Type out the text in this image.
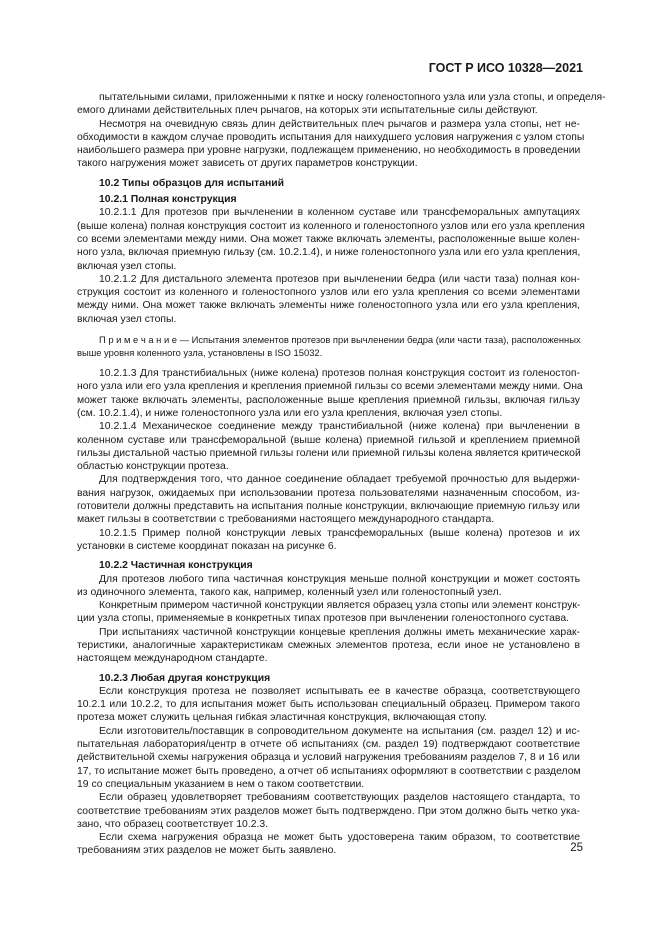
ГОСТ Р ИСО 10328—2021
пытательными силами, приложенными к пятке и носку голеностопного узла или узла стопы, и определя-
емого длинами действительных плеч рычагов, на которых эти испытательные силы действуют.
Несмотря на очевидную связь длин действительных плеч рычагов и размера узла стопы, нет не-
обходимости в каждом случае проводить испытания для наихудшего условия нагружения с узлом стопы
наибольшего размера при уровне нагрузки, подлежащем применению, но необходимость в проведении
такого нагружения может зависеть от других параметров конструкции.
10.2 Типы образцов для испытаний
10.2.1 Полная конструкция
10.2.1.1 Для протезов при вычленении в коленном суставе или трансфеморальных ампутациях
(выше колена) полная конструкция состоит из коленного и голеностопного узлов или его узла крепления
со всеми элементами между ними. Она может также включать элементы, расположенные выше колен-
ного узла, включая приемную гильзу (см. 10.2.1.4), и ниже голеностопного узла или его узла крепления,
включая узел стопы.
10.2.1.2 Для дистального элемента протезов при вычленении бедра (или части таза) полная кон-
струкция состоит из коленного и голеностопного узлов или его узла крепления со всеми элементами
между ними. Она может также включать элементы ниже голеностопного узла или его узла крепления,
включая узел стопы.
П р и м е ч а н и е — Испытания элементов протезов при вычленении бедра (или части таза), расположенных
выше уровня коленного узла, установлены в ISO 15032.
10.2.1.3 Для транстибиальных (ниже колена) протезов полная конструкция состоит из голеностоп-
ного узла или его узла крепления и крепления приемной гильзы со всеми элементами между ними. Она
может также включать элементы, расположенные выше крепления приемной гильзы, включая гильзу
(см. 10.2.1.4), и ниже голеностопного узла или его узла крепления, включая узел стопы.
10.2.1.4 Механическое соединение между транстибиальной (ниже колена) при вычленении в
коленном суставе или трансфеморальной (выше колена) приемной гильзой и креплением приемной
гильзы дистальной частью приемной гильзы голени или приемной гильзы колена является критической
областью конструкции протеза.
Для подтверждения того, что данное соединение обладает требуемой прочностью для выдержи-
вания нагрузок, ожидаемых при использовании протеза пользователями назначенным способом, из-
готовители должны представить на испытания полные конструкции, включающие приемную гильзу или
макет гильзы в соответствии с требованиями настоящего международного стандарта.
10.2.1.5 Пример полной конструкции левых трансфеморальных (выше колена) протезов и их
установки в системе координат показан на рисунке 6.
10.2.2 Частичная конструкция
Для протезов любого типа частичная конструкция меньше полной конструкции и может состоять
из одиночного элемента, такого как, например, коленный узел или голеностопный узел.
Конкретным примером частичной конструкции является образец узла стопы или элемент конструк-
ции узла стопы, применяемые в конкретных типах протезов при вычленении голеностопного сустава.
При испытаниях частичной конструкции концевые крепления должны иметь механические харак-
теристики, аналогичные характеристикам смежных элементов протеза, если иное не установлено в
настоящем международном стандарте.
10.2.3 Любая другая конструкция
Если конструкция протеза не позволяет испытывать ее в качестве образца, соответствующего
10.2.1 или 10.2.2, то для испытания может быть использован специальный образец. Примером такого
протеза может служить цельная гибкая эластичная конструкция, включающая стопу.
Если изготовитель/поставщик в сопроводительном документе на испытания (см. раздел 12) и ис-
пытательная лаборатория/центр в отчете об испытаниях (см. раздел 19) подтверждают соответствие
действительной схемы нагружения образца и условий нагружения требованиям разделов 7, 8 и 16 или
17, то испытание может быть проведено, а отчет об испытаниях оформляют в соответствии с разделом
19 со специальным указанием в нем о таком соответствии.
Если образец удовлетворяет требованиям соответствующих разделов настоящего стандарта, то
соответствие требованиям этих разделов может быть подтверждено. При этом должно быть четко ука-
зано, что образец соответствует 10.2.3.
Если схема нагружения образца не может быть удостоверена таким образом, то соответствие
требованиям этих разделов не может быть заявлено.	25
